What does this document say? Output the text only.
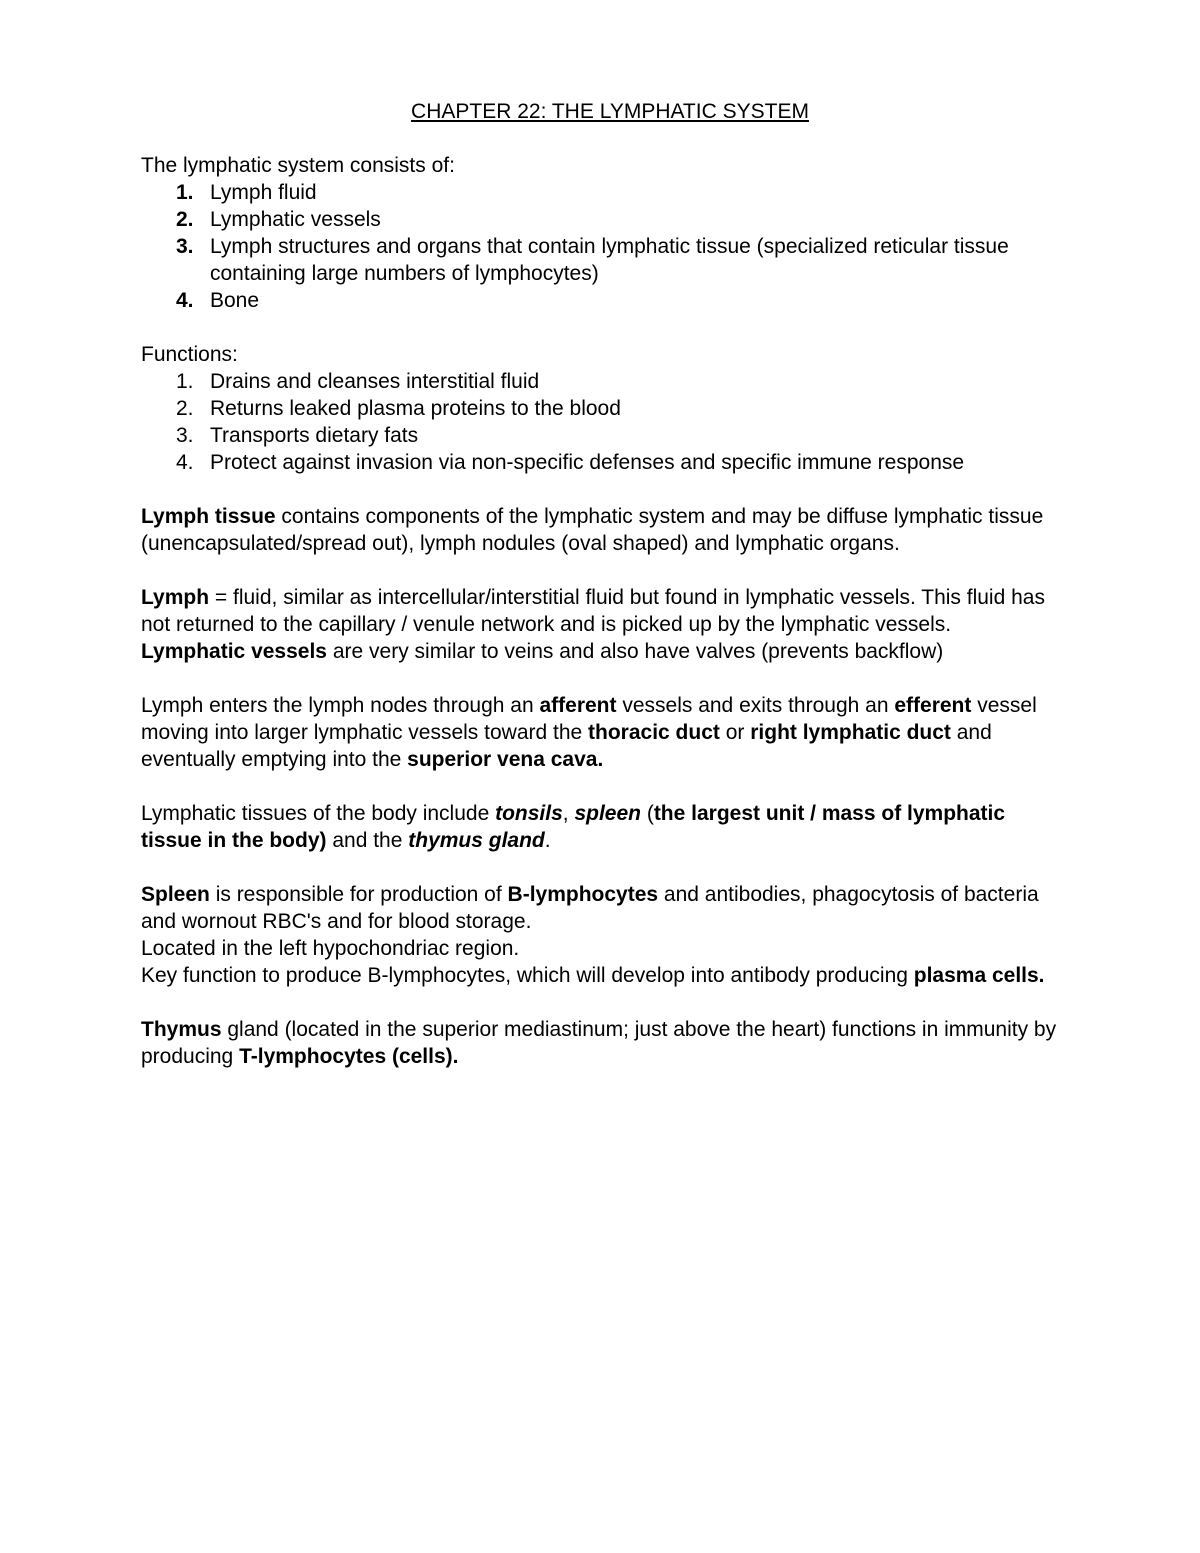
CHAPTER 22: THE LYMPHATIC SYSTEM

The lymphatic system consists of:

1. Lymph fluid
2. Lymphatic vessels
3. Lymph structures and organs that contain lymphatic tissue (specialized reticular tissue containing large numbers of lymphocytes)
4. Bone

Functions:

1. Drains and cleanses interstitial fluid
2. Returns leaked plasma proteins to the blood
3. Transports dietary fats
4. Protect against invasion via non-specific defenses and specific immune response

Lymph tissue contains components of the lymphatic system and may be diffuse lymphatic tissue (unencapsulated/spread out), lymph nodules (oval shaped) and lymphatic organs.

Lymph = fluid, similar as intercellular/interstitial fluid but found in lymphatic vessels. This fluid has not returned to the capillary / venule network and is picked up by the lymphatic vessels.

Lymphatic vessels are very similar to veins and also have valves (prevents backflow)

Lymph enters the lymph nodes through an afferent vessels and exits through an efferent vessel moving into larger lymphatic vessels toward the thoracic duct or right lymphatic duct and eventually emptying into the superior vena cava.

Lymphatic tissues of the body include tonsils, spleen (the largest unit / mass of lymphatic tissue in the body) and the thymus gland.

Spleen is responsible for production of B-lymphocytes and antibodies, phagocytosis of bacteria and wornout RBC's and for blood storage.

Located in the left hypochondriac region.

Key function to produce B-lymphocytes, which will develop into antibody producing plasma cells.

Thymus gland (located in the superior mediastinum; just above the heart) functions in immunity by producing T-lymphocytes (cells).
